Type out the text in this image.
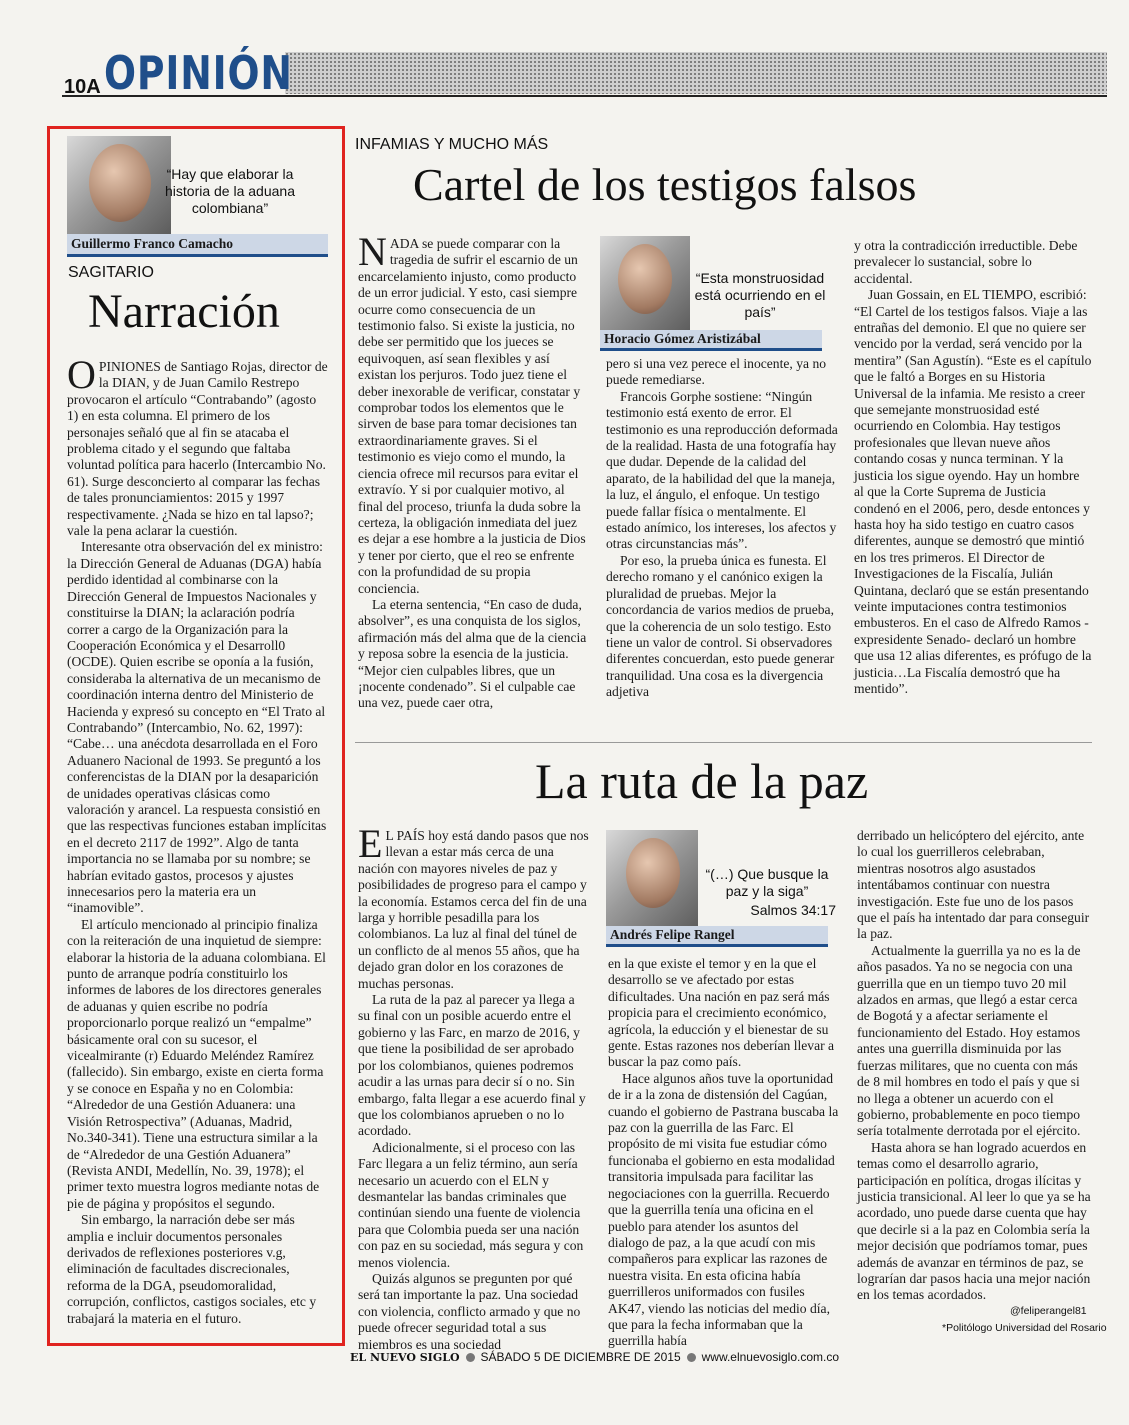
10A OPINIÓN
“Hay que elaborar la historia de la aduana colombiana”
Guillermo Franco Camacho
SAGITARIO
Narración

OPINIONES de Santiago Rojas, director de la DIAN, y de Juan Camilo Restrepo provocaron el artículo “Contrabando” (agosto 1) en esta columna. El primero de los personajes señaló que al fin se atacaba el problema citado y el segundo que faltaba voluntad política para hacerlo (Intercambio No. 61). Surge desconcierto al comparar las fechas de tales pronunciamientos: 2015 y 1997 respectivamente. ¿Nada se hizo en tal lapso?; vale la pena aclarar la cuestión.

Interesante otra observación del ex ministro: la Dirección General de Aduanas (DGA) había perdido identidad al combinarse con la Dirección General de Impuestos Nacionales y constituirse la DIAN; la aclaración podría correr a cargo de la Organización para la Cooperación Económica y el Desarroll0 (OCDE). Quien escribe se oponía a la fusión, consideraba la alternativa de un mecanismo de coordinación interna dentro del Ministerio de Hacienda y expresó su concepto en “El Trato al Contrabando” (Intercambio, No. 62, 1997): “Cabe… una anécdota desarrollada en el Foro Aduanero Nacional de 1993. Se preguntó a los conferencistas de la DIAN por la desaparición de unidades operativas clásicas como valoración y arancel. La respuesta consistió en que las respectivas funciones estaban implícitas en el decreto 2117 de 1992”. Algo de tanta importancia no se llamaba por su nombre; se habrían evitado gastos, procesos y ajustes innecesarios pero la materia era un “inamovible”.

El artículo mencionado al principio finaliza con la reiteración de una inquietud de siempre: elaborar la historia de la aduana colombiana. El punto de arranque podría constituirlo los informes de labores de los directores generales de aduanas y quien escribe no podría proporcionarlo porque realizó un “empalme” básicamente oral con su sucesor, el vicealmirante (r) Eduardo Meléndez Ramírez (fallecido). Sin embargo, existe en cierta forma y se conoce en España y no en Colombia: “Alrededor de una Gestión Aduanera: una Visión Retrospectiva” (Aduanas, Madrid, No.340-341). Tiene una estructura similar a la de “Alrededor de una Gestión Aduanera” (Revista ANDI, Medellín, No. 39, 1978); el primer texto muestra logros mediante notas de pie de página y propósitos el segundo.

Sin embargo, la narración debe ser más amplia e incluir documentos personales derivados de reflexiones posteriores v.g, eliminación de facultades discrecionales, reforma de la DGA, pseudomoralidad, corrupción, conflictos, castigos sociales, etc y trabajará la materia en el futuro.

INFAMIAS Y MUCHO MÁS
Cartel de los testigos falsos

NADA se puede comparar con la tragedia de sufrir el escarnio de un encarcelamiento injusto, como producto de un error judicial. Y esto, casi siempre ocurre como consecuencia de un testimonio falso. Si existe la justicia, no debe ser permitido que los jueces se equivoquen, así sean flexibles y así existan los perjuros. Todo juez tiene el deber inexorable de verificar, constatar y comprobar todos los elementos que le sirven de base para tomar decisiones tan extraordinariamente graves. Si el testimonio es viejo como el mundo, la ciencia ofrece mil recursos para evitar el extravío. Y si por cualquier motivo, al final del proceso, triunfa la duda sobre la certeza, la obligación inmediata del juez es dejar a ese hombre a la justicia de Dios y tener por cierto, que el reo se enfrente con la profundidad de su propia conciencia.

La eterna sentencia, “En caso de duda, absolver”, es una conquista de los siglos, afirmación más del alma que de la ciencia y reposa sobre la esencia de la justicia. “Mejor cien culpables libres, que un ¡nocente condenado”. Si el culpable cae una vez, puede caer otra,

“Esta monstruosidad está ocurriendo en el país”
Horacio Gómez Aristizábal

pero si una vez perece el inocente, ya no puede remediarse.

Francois Gorphe sostiene: “Ningún testimonio está exento de error. El testimonio es una reproducción deformada de la realidad. Hasta de una fotografía hay que dudar. Depende de la calidad del aparato, de la habilidad del que la maneja, la luz, el ángulo, el enfoque. Un testigo puede fallar física o mentalmente. El estado anímico, los intereses, los afectos y otras circunstancias más”.

Por eso, la prueba única es funesta. El derecho romano y el canónico exigen la pluralidad de pruebas. Mejor la concordancia de varios medios de prueba, que la coherencia de un solo testigo. Esto tiene un valor de control. Si observadores diferentes concuerdan, esto puede generar tranquilidad. Una cosa es la divergencia adjetiva

y otra la contradicción irreductible. Debe prevalecer lo sustancial, sobre lo accidental.

Juan Gossain, en EL TIEMPO, escribió: “El Cartel de los testigos falsos. Viaje a las entrañas del demonio. El que no quiere ser vencido por la verdad, será vencido por la mentira” (San Agustín). “Este es el capítulo que le faltó a Borges en su Historia Universal de la infamia. Me resisto a creer que semejante monstruosidad esté ocurriendo en Colombia. Hay testigos profesionales que llevan nueve años contando cosas y nunca terminan. Y la justicia los sigue oyendo. Hay un hombre al que la Corte Suprema de Justicia condenó en el 2006, pero, desde entonces y hasta hoy ha sido testigo en cuatro casos diferentes, aunque se demostró que mintió en los tres primeros. El Director de Investigaciones de la Fiscalía, Julián Quintana, declaró que se están presentando veinte imputaciones contra testimonios embusteros. En el caso de Alfredo Ramos -expresidente Senado- declaró un hombre que usa 12 alias diferentes, es prófugo de la justicia…La Fiscalía demostró que ha mentido”.

La ruta de la paz

EL PAÍS hoy está dando pasos que nos llevan a estar más cerca de una nación con mayores niveles de paz y posibilidades de progreso para el campo y la economía. Estamos cerca del fin de una larga y horrible pesadilla para los colombianos. La luz al final del túnel de un conflicto de al menos 55 años, que ha dejado gran dolor en los corazones de muchas personas.

La ruta de la paz al parecer ya llega a su final con un posible acuerdo entre el gobierno y las Farc, en marzo de 2016, y que tiene la posibilidad de ser aprobado por los colombianos, quienes podremos acudir a las urnas para decir sí o no. Sin embargo, falta llegar a ese acuerdo final y que los colombianos aprueben o no lo acordado.

Adicionalmente, si el proceso con las Farc llegara a un feliz término, aun sería necesario un acuerdo con el ELN y desmantelar las bandas criminales que continúan siendo una fuente de violencia para que Colombia pueda ser una nación con paz en su sociedad, más segura y con menos violencia.

Quizás algunos se pregunten por qué será tan importante la paz. Una sociedad con violencia, conflicto armado y que no puede ofrecer seguridad total a sus miembros es una sociedad

“(…) Que busque la paz y la siga”
Salmos 34:17
Andrés Felipe Rangel

en la que existe el temor y en la que el desarrollo se ve afectado por estas dificultades. Una nación en paz será más propicia para el crecimiento económico, agrícola, la educción y el bienestar de su gente. Estas razones nos deberían llevar a buscar la paz como país.

Hace algunos años tuve la oportunidad de ir a la zona de distensión del Cagúan, cuando el gobierno de Pastrana buscaba la paz con la guerrilla de las Farc. El propósito de mi visita fue estudiar cómo funcionaba el gobierno en esta modalidad transitoria impulsada para facilitar las negociaciones con la guerrilla. Recuerdo que la guerrilla tenía una oficina en el pueblo para atender los asuntos del dialogo de paz, a la que acudí con mis compañeros para explicar las razones de nuestra visita. En esta oficina había guerrilleros uniformados con fusiles AK47, viendo las noticias del medio día, que para la fecha informaban que la guerrilla había

derribado un helicóptero del ejército, ante lo cual los guerrilleros celebraban, mientras nosotros algo asustados intentábamos continuar con nuestra investigación. Este fue uno de los pasos que el país ha intentado dar para conseguir la paz.

Actualmente la guerrilla ya no es la de años pasados. Ya no se negocia con una guerrilla que en un tiempo tuvo 20 mil alzados en armas, que llegó a estar cerca de Bogotá y a afectar seriamente el funcionamiento del Estado. Hoy estamos antes una guerrilla disminuida por las fuerzas militares, que no cuenta con más de 8 mil hombres en todo el país y que si no llega a obtener un acuerdo con el gobierno, probablemente en poco tiempo sería totalmente derrotada por el ejército.

Hasta ahora se han logrado acuerdos en temas como el desarrollo agrario, participación en política, drogas ilícitas y justicia transicional. Al leer lo que ya se ha acordado, uno puede darse cuenta que hay que decirle si a la paz en Colombia sería la mejor decisión que podríamos tomar, pues además de avanzar en términos de paz, se lograrían dar pasos hacia una mejor nación en los temas acordados.

@feliperangel81
*Politólogo Universidad del Rosario
EL NUEVO SIGLO SÁBADO 5 DE DICIEMBRE DE 2015 www.elnuevosiglo.com.co
